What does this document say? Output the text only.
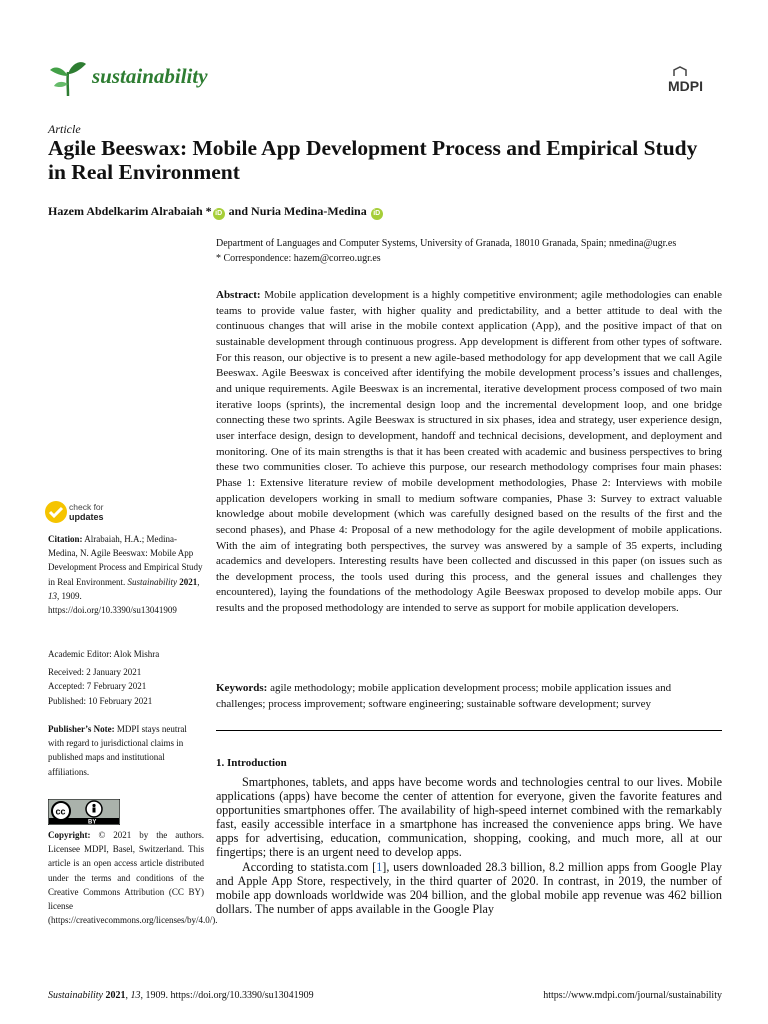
sustainability	MDPI
Article
Agile Beeswax: Mobile App Development Process and Empirical Study in Real Environment
Hazem Abdelkarim Alrabaiah * iD and Nuria Medina-Medina iD
Department of Languages and Computer Systems, University of Granada, 18010 Granada, Spain; nmedina@ugr.es
* Correspondence: hazem@correo.ugr.es
Abstract: Mobile application development is a highly competitive environment; agile methodologies can enable teams to provide value faster, with higher quality and predictability, and a better attitude to deal with the continuous changes that will arise in the mobile context application (App), and the positive impact of that on sustainable development through continuous progress. App development is different from other types of software. For this reason, our objective is to present a new agile-based methodology for app development that we call Agile Beeswax. Agile Beeswax is conceived after identifying the mobile development process’s issues and challenges, and unique requirements. Agile Beeswax is an incremental, iterative development process composed of two main iterative loops (sprints), the incremental design loop and the incremental development loop, and one bridge connecting these two sprints. Agile Beeswax is structured in six phases, idea and strategy, user experience design, user interface design, design to development, handoff and technical decisions, development, and deployment and monitoring. One of its main strengths is that it has been created with academic and business perspectives to bring these two communities closer. To achieve this purpose, our research methodology comprises four main phases: Phase 1: Extensive literature review of mobile development methodologies, Phase 2: Interviews with mobile application developers working in small to medium software companies, Phase 3: Survey to extract valuable knowledge about mobile development (which was carefully designed based on the results of the first and the second phases), and Phase 4: Proposal of a new methodology for the agile development of mobile applications. With the aim of integrating both perspectives, the survey was answered by a sample of 35 experts, including academics and developers. Interesting results have been collected and discussed in this paper (on issues such as the development process, the tools used during this process, and the general issues and challenges they encountered), laying the foundations of the methodology Agile Beeswax proposed to develop mobile apps. Our results and the proposed methodology are intended to serve as support for mobile application developers.
Keywords: agile methodology; mobile application development process; mobile application issues and challenges; process improvement; software engineering; sustainable software development; survey
1. Introduction

Smartphones, tablets, and apps have become words and technologies central to our lives. Mobile applications (apps) have become the center of attention for everyone, given the favorite features and opportunities smartphones offer. The availability of high-speed internet combined with the remarkably fast, easily accessible interface in a smartphone has increased the convenience apps bring. We have apps for advertising, education, communication, shopping, cooking, and much more, all at our fingertips; there is an urgent need to develop apps.

According to statista.com [1], users downloaded 28.3 billion, 8.2 million apps from Google Play and Apple App Store, respectively, in the third quarter of 2020. In contrast, in 2019, the number of mobile app downloads worldwide was 204 billion, and the global mobile app revenue was 462 billion dollars. The number of apps available in the Google Play

check for
updates
Citation: Alrabaiah, H.A.; Medina-Medina, N. Agile Beeswax: Mobile App Development Process and Empirical Study in Real Environment. Sustainability 2021, 13, 1909. https://doi.org/10.3390/su13041909
Academic Editor: Alok Mishra
Received: 2 January 2021
Accepted: 7 February 2021
Published: 10 February 2021
Publisher’s Note: MDPI stays neutral with regard to jurisdictional claims in published maps and institutional affiliations.
cc
BY
Copyright: © 2021 by the authors. Licensee MDPI, Basel, Switzerland. This article is an open access article distributed under the terms and conditions of the Creative Commons Attribution (CC BY) license (https://creativecommons.org/licenses/by/4.0/).
Sustainability 2021, 13, 1909. https://doi.org/10.3390/su13041909	https://www.mdpi.com/journal/sustainability
